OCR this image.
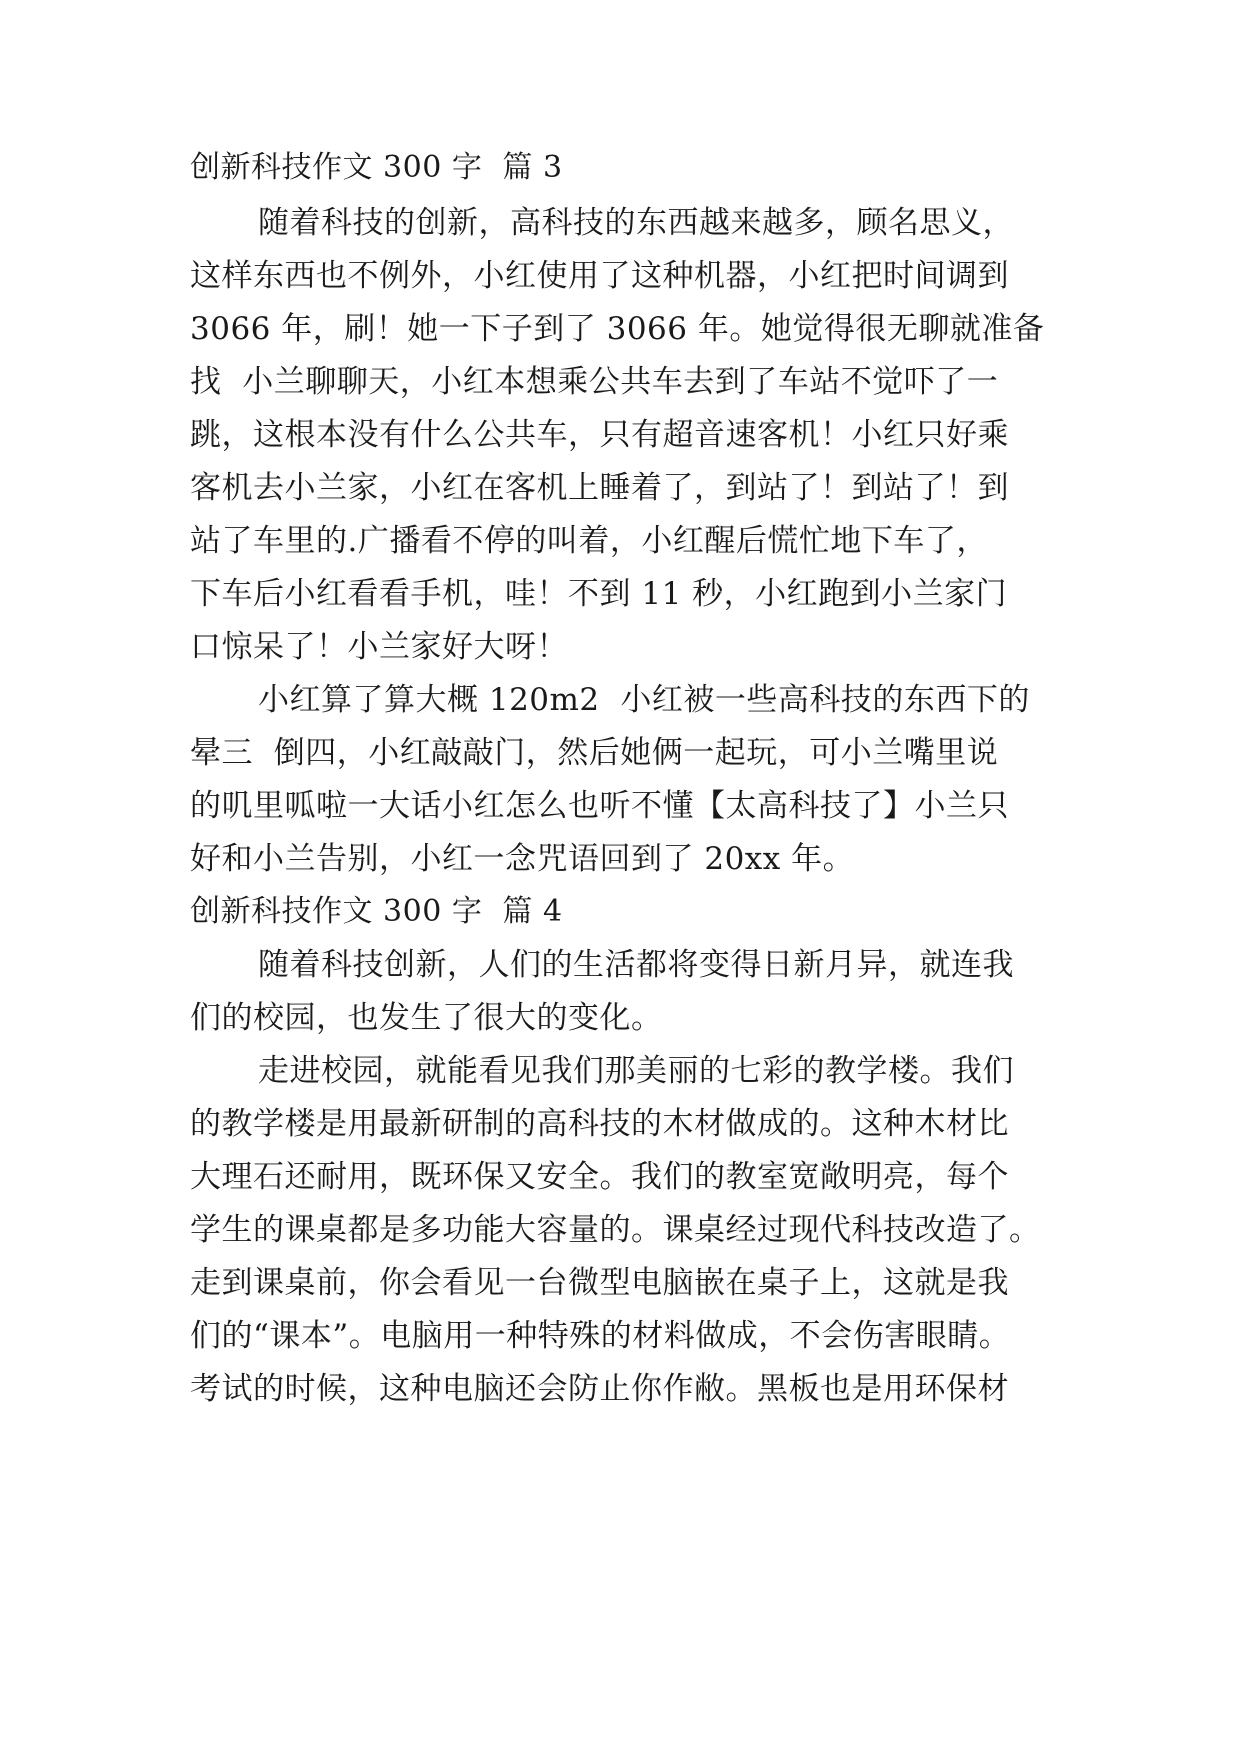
创新科技作文 300 字  篇 3
随着科技的创新，高科技的东西越来越多，顾名思义，
这样东西也不例外，小红使用了这种机器，小红把时间调到
3066 年，刷！她一下子到了 3066 年。她觉得很无聊就准备
找  小兰聊聊天，小红本想乘公共车去到了车站不觉吓了一
跳，这根本没有什么公共车，只有超音速客机！小红只好乘
客机去小兰家，小红在客机上睡着了，到站了！到站了！到
站了车里的.广播看不停的叫着，小红醒后慌忙地下车了，
下车后小红看看手机，哇！不到 11 秒，小红跑到小兰家门
口惊呆了！小兰家好大呀！
小红算了算大概 120m2  小红被一些高科技的东西下的
晕三  倒四，小红敲敲门，然后她俩一起玩，可小兰嘴里说
的叽里呱啦一大话小红怎么也听不懂【太高科技了】小兰只
好和小兰告别，小红一念咒语回到了 20xx 年。
创新科技作文 300 字  篇 4
随着科技创新，人们的生活都将变得日新月异，就连我
们的校园，也发生了很大的变化。
走进校园，就能看见我们那美丽的七彩的教学楼。我们
的教学楼是用最新研制的高科技的木材做成的。这种木材比
大理石还耐用，既环保又安全。我们的教室宽敞明亮，每个
学生的课桌都是多功能大容量的。课桌经过现代科技改造了。
走到课桌前，你会看见一台微型电脑嵌在桌子上，这就是我
们的“课本”。电脑用一种特殊的材料做成，不会伤害眼睛。
考试的时候，这种电脑还会防止你作敝。黑板也是用环保材
